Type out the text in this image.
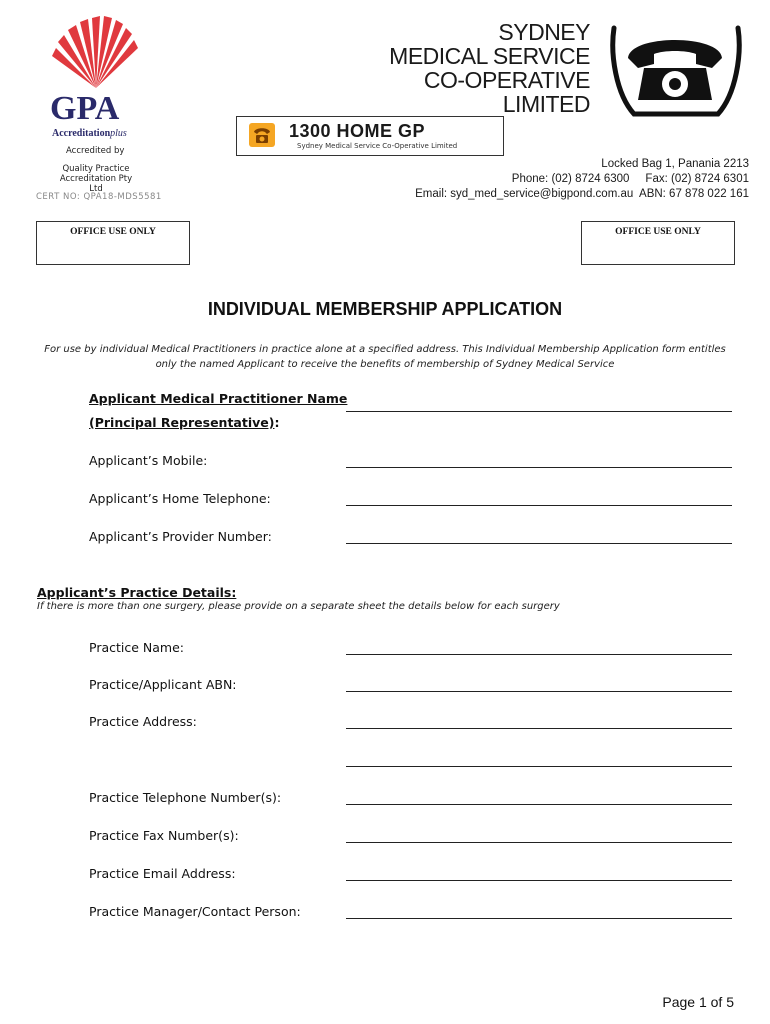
GPA
Accreditationplus
Accredited by
Quality Practice Accreditation Pty Ltd
CERT NO: QPA18-MDS5581
SYDNEY
MEDICAL SERVICE
CO-OPERATIVE
LIMITED
1300 HOME GP
Sydney Medical Service Co-Operative Limited
Locked Bag 1, Panania 2213
Phone: (02) 8724 6300     Fax: (02) 8724 6301
Email: syd_med_service@bigpond.com.au  ABN: 67 878 022 161
OFFICE USE ONLY	OFFICE USE ONLY
INDIVIDUAL MEMBERSHIP APPLICATION
For use by individual Medical Practitioners in practice alone at a specified address. This Individual Membership Application form entitles only the named Applicant to receive the benefits of membership of Sydney Medical Service
Applicant Medical Practitioner Name
(Principal Representative):
Applicant’s Mobile:
Applicant’s Home Telephone:
Applicant’s Provider Number:
Applicant’s Practice Details:
If there is more than one surgery, please provide on a separate sheet the details below for each surgery
Practice Name:
Practice/Applicant ABN:
Practice Address:
Practice Telephone Number(s):
Practice Fax Number(s):
Practice Email Address:
Practice Manager/Contact Person:
Page 1 of 5
